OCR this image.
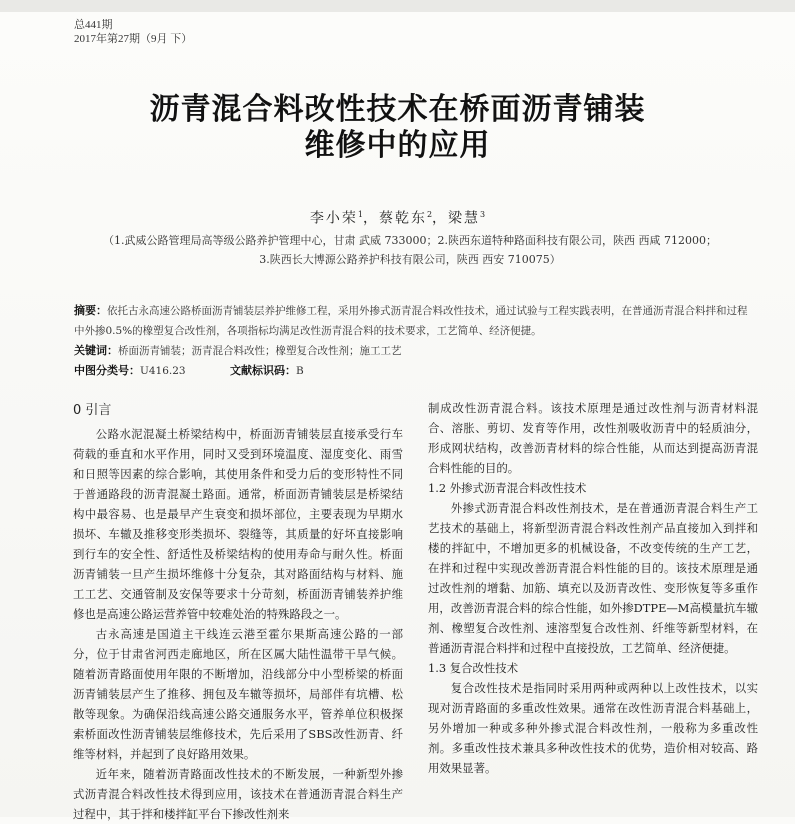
总441期
2017年第27期（9月 下）
沥青混合料改性技术在桥面沥青铺装
维修中的应用
李小荣$^1$，蔡乾东$^2$，梁慧$^3$
（1.武威公路管理局高等级公路养护管理中心，甘肃 武威 733000；2.陕西东道特种路面科技有限公司，陕西 西咸 712000；
3.陕西长大博源公路养护科技有限公司，陕西 西安 710075）
摘要：依托古永高速公路桥面沥青铺装层养护维修工程，采用外掺式沥青混合料改性技术，通过试验与工程实践表明，在普通沥青混合料拌和过程中外掺0.5%的橡塑复合改性剂，各项指标均满足改性沥青混合料的技术要求，工艺简单、经济便捷。
关键词：桥面沥青铺装；沥青混合料改性；橡塑复合改性剂；施工工艺
中图分类号：U416.23	文献标识码：B
0 引言

公路水泥混凝土桥梁结构中，桥面沥青铺装层直接承受行车荷载的垂直和水平作用，同时又受到环境温度、湿度变化、雨雪和日照等因素的综合影响，其使用条件和受力后的变形特性不同于普通路段的沥青混凝土路面。通常，桥面沥青铺装层是桥梁结构中最容易、也是最早产生衰变和损坏部位，主要表现为早期水损坏、车辙及推移变形类损坏、裂缝等，其质量的好坏直接影响到行车的安全性、舒适性及桥梁结构的使用寿命与耐久性。桥面沥青铺装一旦产生损坏维修十分复杂，其对路面结构与材料、施工工艺、交通管制及安保等要求十分苛刻，桥面沥青铺装养护维修也是高速公路运营养管中较难处治的特殊路段之一。

古永高速是国道主干线连云港至霍尔果斯高速公路的一部分，位于甘肃省河西走廊地区，所在区属大陆性温带干旱气候。随着沥青路面使用年限的不断增加，沿线部分中小型桥梁的桥面沥青铺装层产生了推移、拥包及车辙等损坏，局部伴有坑槽、松散等现象。为确保沿线高速公路交通服务水平，管养单位积极探索桥面改性沥青铺装层维修技术，先后采用了SBS改性沥青、纤维等材料，并起到了良好路用效果。

近年来，随着沥青路面改性技术的不断发展，一种新型外掺式沥青混合料改性技术得到应用，该技术在普通沥青混合料生产过程中，其于拌和楼拌缸平台下掺改性剂来

制成改性沥青混合料。该技术原理是通过改性剂与沥青材料混合、溶胀、剪切、发育等作用，改性剂吸收沥青中的轻质油分，形成网状结构，改善沥青材料的综合性能，从而达到提高沥青混合料性能的目的。

1.2 外掺式沥青混合料改性技术

外掺式沥青混合料改性剂技术，是在普通沥青混合料生产工艺技术的基础上，将新型沥青混合料改性剂产品直接加入到拌和楼的拌缸中，不增加更多的机械设备，不改变传统的生产工艺，在拌和过程中实现改善沥青混合料性能的目的。该技术原理是通过改性剂的增黏、加筋、填充以及沥青改性、变形恢复等多重作用，改善沥青混合料的综合性能，如外掺DTPE—M高模量抗车辙剂、橡塑复合改性剂、速溶型复合改性剂、纤维等新型材料，在普通沥青混合料拌和过程中直接投放，工艺简单、经济便捷。

1.3 复合改性技术

复合改性技术是指同时采用两种或两种以上改性技术，以实现对沥青路面的多重改性效果。通常在改性沥青混合料基础上，另外增加一种或多种外掺式混合料改性剂，一般称为多重改性剂。多重改性技术兼具多种改性技术的优势，造价相对较高、路用效果显著。
